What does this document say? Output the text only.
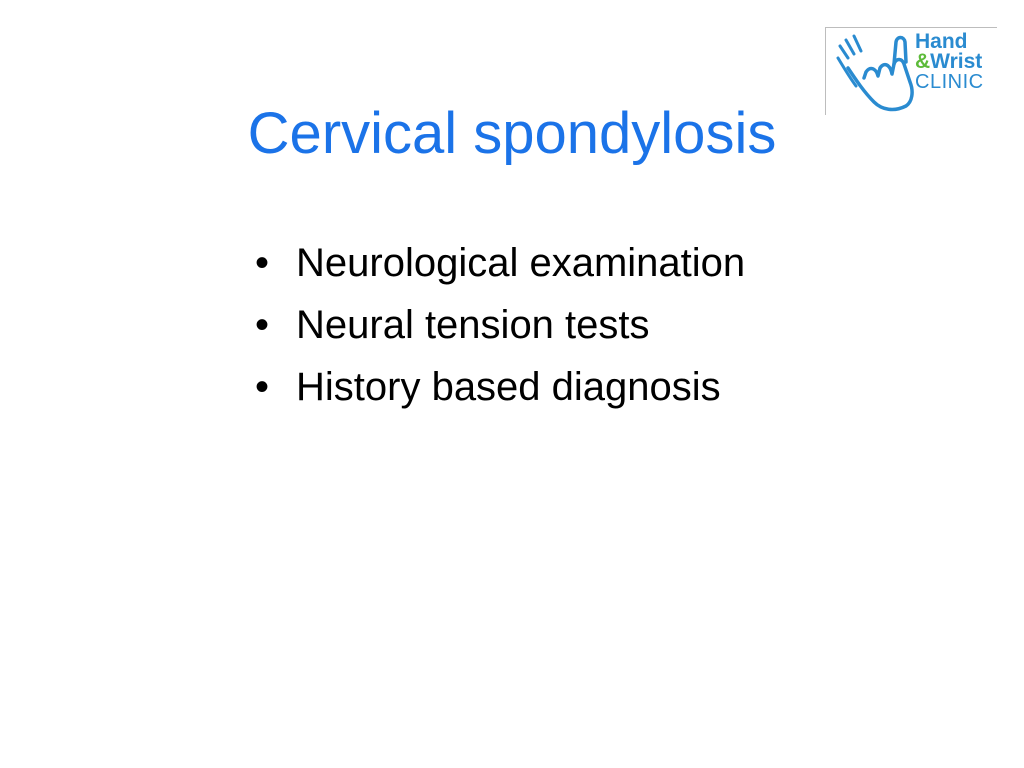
Hand
&Wrist
CLINIC
Cervical spondylosis
• Neurological examination
• Neural tension tests
• History based diagnosis
